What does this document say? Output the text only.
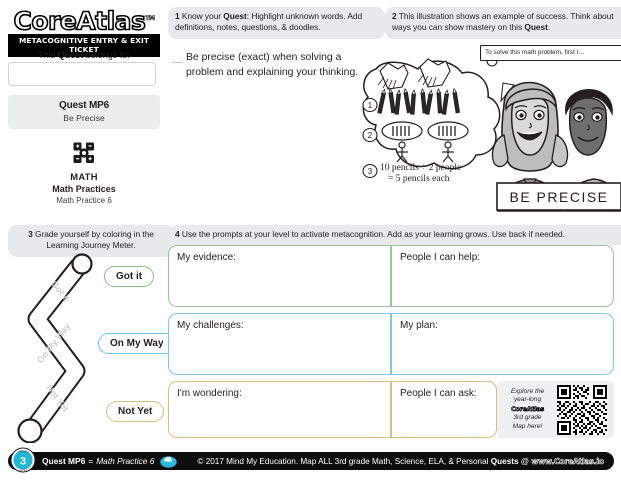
CoreAtlas™
METACOGNITIVE ENTRY & EXIT TICKET
This Quest belongs to:
Quest MP6
Be Precise
MATH
Math Practices
Math Practice 6
1 Know your Quest: Highlight unknown words. Add definitions, notes, questions, & doodles.
Be precise (exact) when solving a problem and explaining your thinking.
2 This illustration shows an example of success. Think about ways you can show mastery on this Quest.
To solve this math problem, first I…
1
2
3 10 pencils ÷ 2 people
= 5 pencils each
BE PRECISE
3 Grade yourself by coloring in the Learning Journey Meter.
Got it
On My Way
Not Yet
Got it
On My Way
Not Yet
4 Use the prompts at your level to activate metacognition. Add as your learning grows. Use back if needed.
My evidence:	People I can help:
My challenges:	My plan:
I'm wondering:	People I can ask:	Explore the
year-long
CoreAtlas
3rd grade
Map here!
Quest MP6 = Math Practice 6	© 2017 Mind My Education. Map ALL 3rd grade Math, Science, ELA, & Personal Quests @ www.CoreAtlas.io
3
GRADE
LEVEL
